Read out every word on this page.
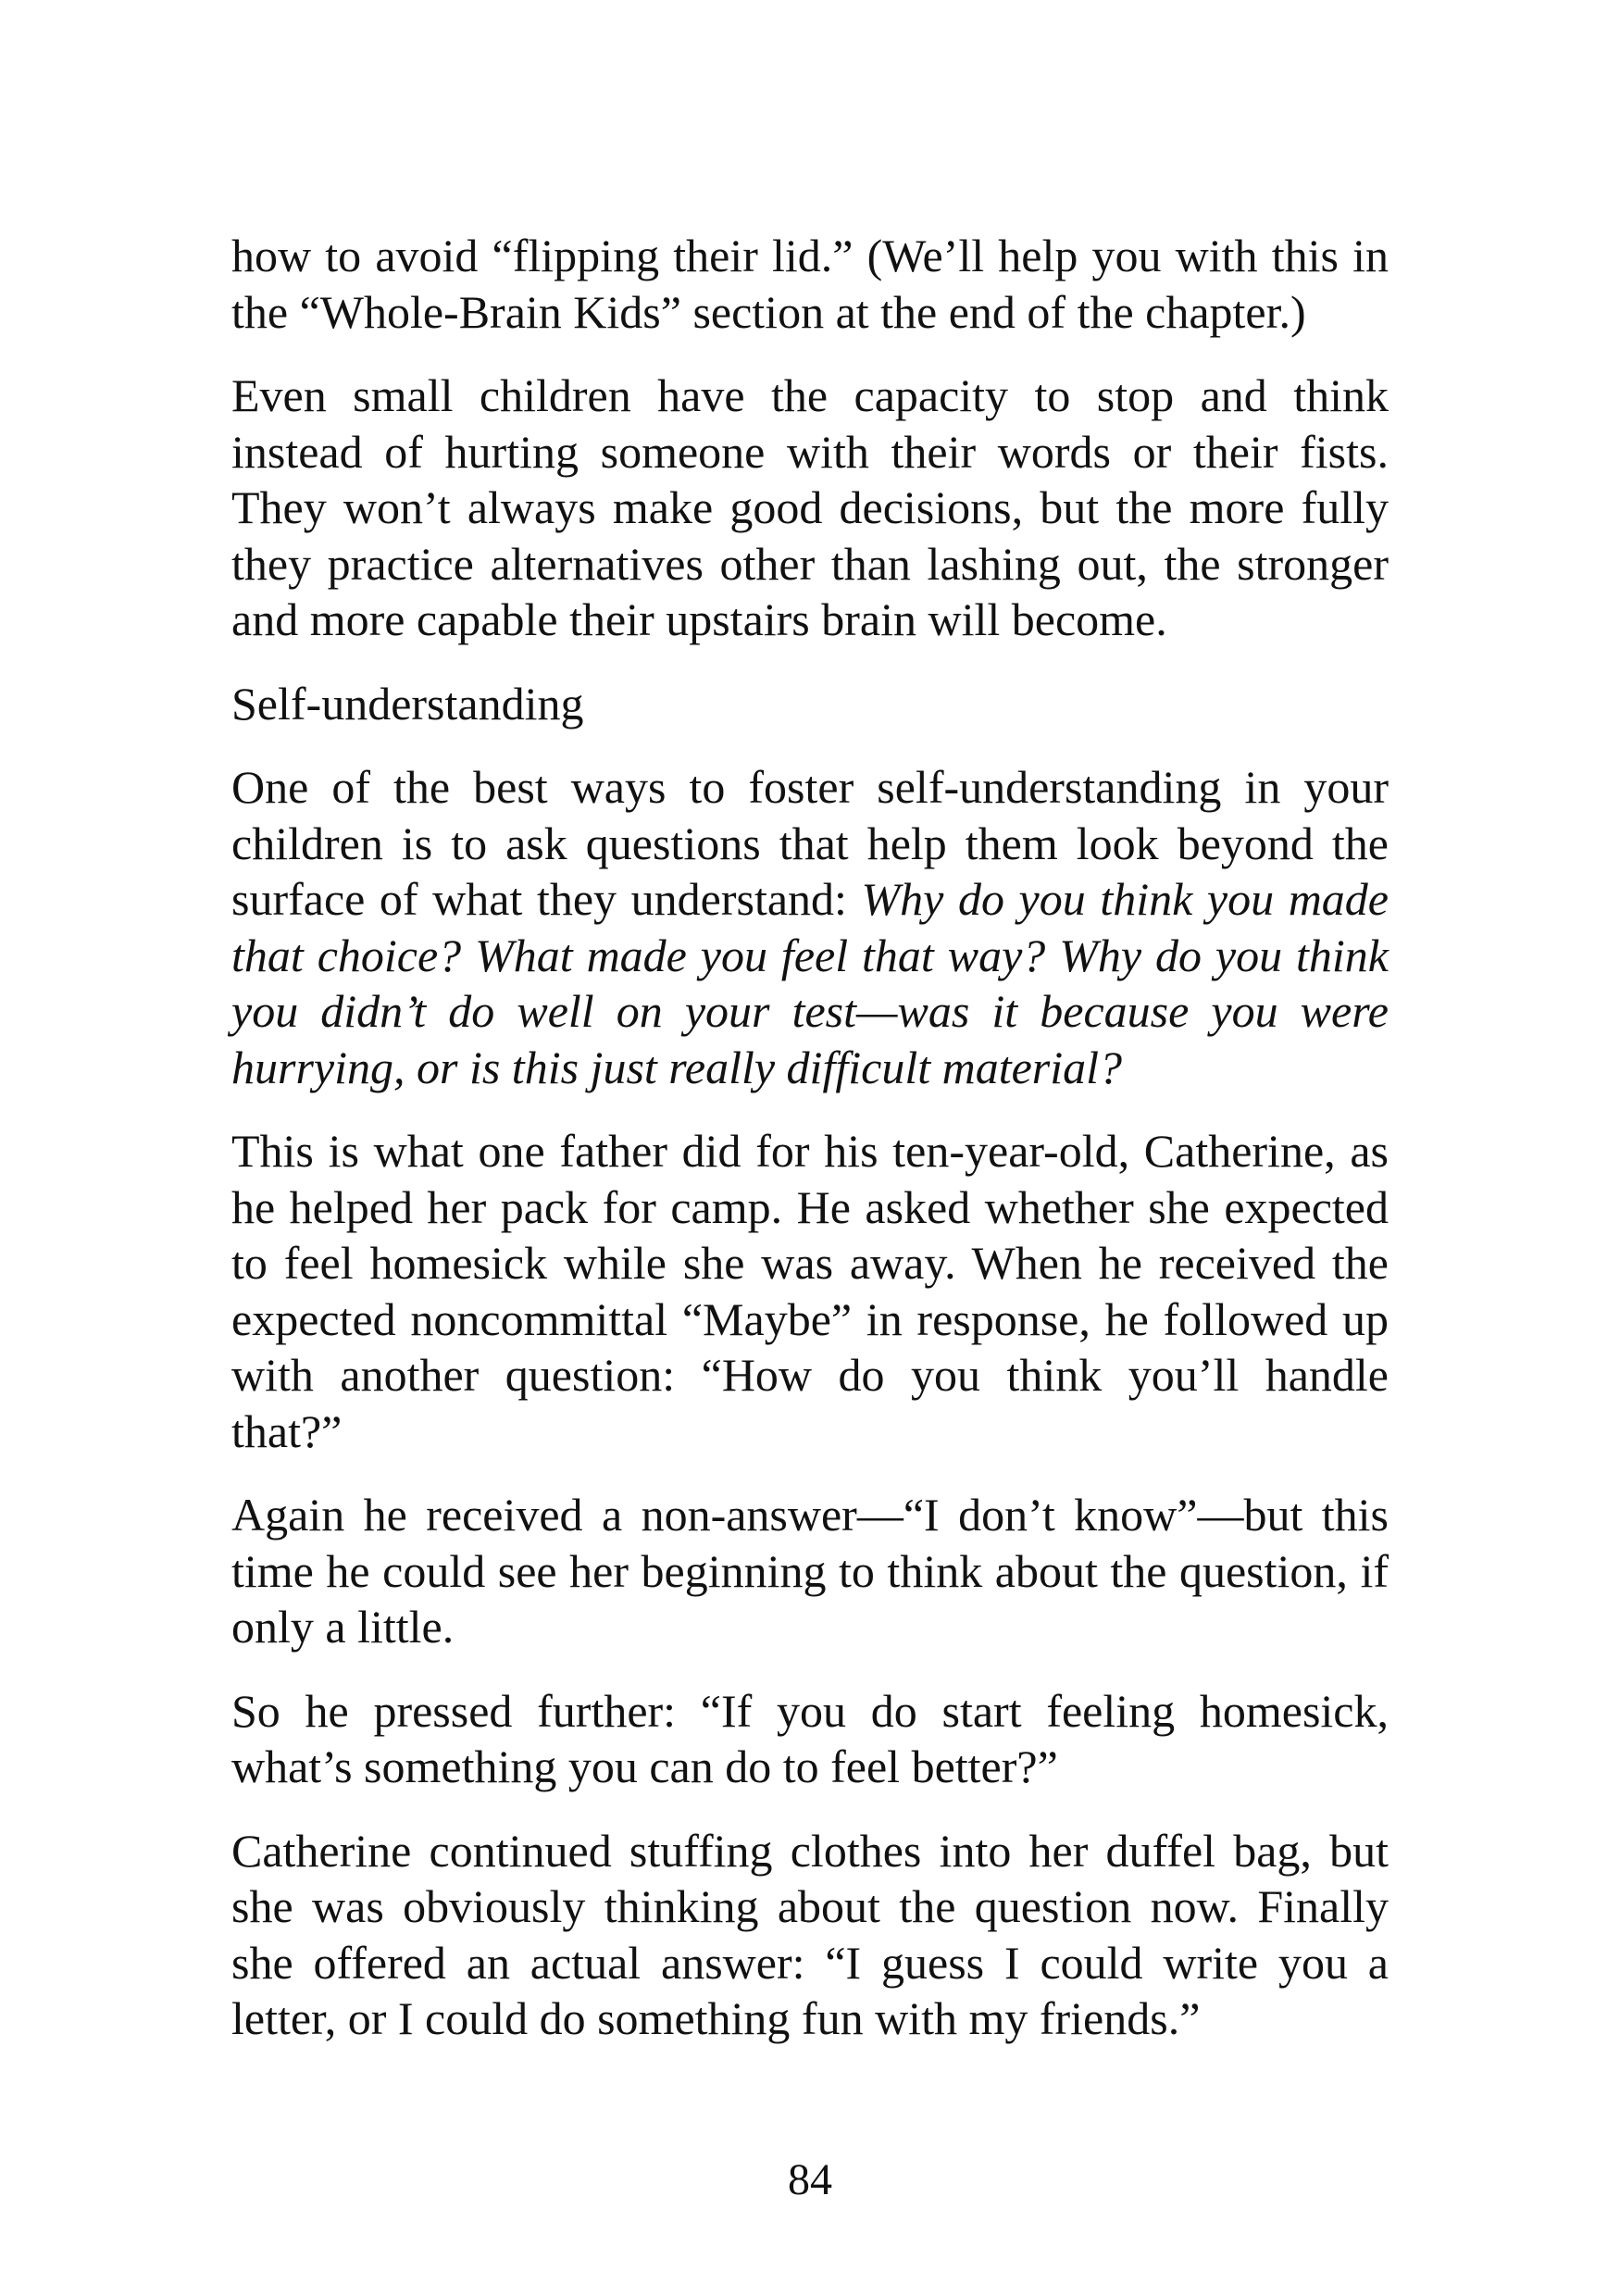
how to avoid “flipping their lid.” (We’ll help you with this in the “Whole-Brain Kids” section at the end of the chapter.)

Even small children have the capacity to stop and think instead of hurting someone with their words or their fists. They won’t always make good decisions, but the more fully they practice alternatives other than lashing out, the stronger and more capable their upstairs brain will become.

Self-understanding

One of the best ways to foster self-understanding in your children is to ask questions that help them look beyond the surface of what they understand: Why do you think you made that choice? What made you feel that way? Why do you think you didn’t do well on your test—was it because you were hurrying, or is this just really difficult material?

This is what one father did for his ten-year-old, Catherine, as he helped her pack for camp. He asked whether she expected to feel homesick while she was away. When he received the expected noncommittal “Maybe” in response, he followed up with another question: “How do you think you’ll handle that?”

Again he received a non-answer—“I don’t know”—but this time he could see her beginning to think about the question, if only a little.

So he pressed further: “If you do start feeling homesick, what’s something you can do to feel better?”

Catherine continued stuffing clothes into her duffel bag, but she was obviously thinking about the question now. Finally she offered an actual answer: “I guess I could write you a letter, or I could do something fun with my friends.”

84
